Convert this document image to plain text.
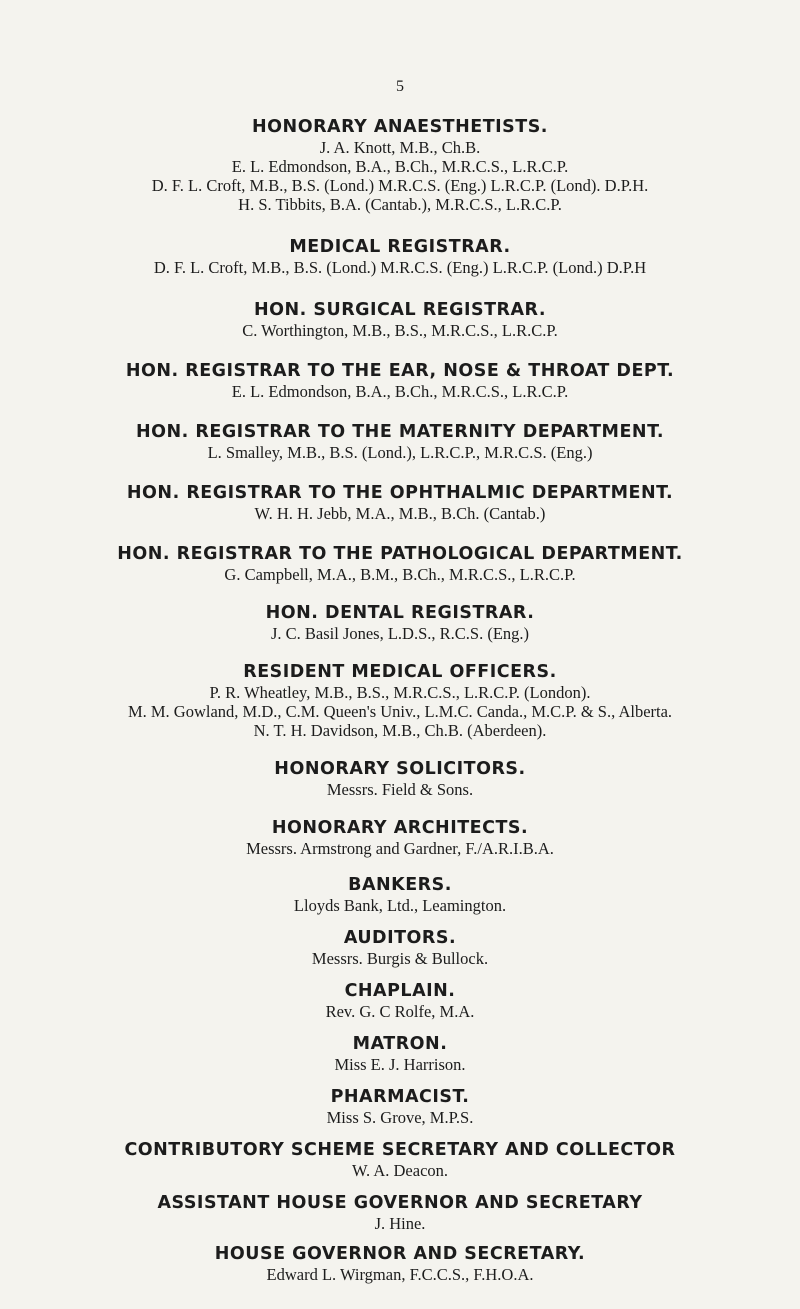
5
HONORARY ANAESTHETISTS.
J. A. Knott, M.B., Ch.B.
E. L. Edmondson, B.A., B.Ch., M.R.C.S., L.R.C.P.
D. F. L. Croft, M.B., B.S. (Lond.) M.R.C.S. (Eng.) L.R.C.P. (Lond). D.P.H.
H. S. Tibbits, B.A. (Cantab.), M.R.C.S., L.R.C.P.
MEDICAL REGISTRAR.
D. F. L. Croft, M.B., B.S. (Lond.) M.R.C.S. (Eng.) L.R.C.P. (Lond.) D.P.H
HON. SURGICAL REGISTRAR.
C. Worthington, M.B., B.S., M.R.C.S., L.R.C.P.
HON. REGISTRAR TO THE EAR, NOSE & THROAT DEPT.
E. L. Edmondson, B.A., B.Ch., M.R.C.S., L.R.C.P.
HON. REGISTRAR TO THE MATERNITY DEPARTMENT.
L. Smalley, M.B., B.S. (Lond.), L.R.C.P., M.R.C.S. (Eng.)
HON. REGISTRAR TO THE OPHTHALMIC DEPARTMENT.
W. H. H. Jebb, M.A., M.B., B.Ch. (Cantab.)
HON. REGISTRAR TO THE PATHOLOGICAL DEPARTMENT.
G. Campbell, M.A., B.M., B.Ch., M.R.C.S., L.R.C.P.
HON. DENTAL REGISTRAR.
J. C. Basil Jones, L.D.S., R.C.S. (Eng.)
RESIDENT MEDICAL OFFICERS.
P. R. Wheatley, M.B., B.S., M.R.C.S., L.R.C.P. (London).
M. M. Gowland, M.D., C.M. Queen's Univ., L.M.C. Canda., M.C.P. & S., Alberta.
N. T. H. Davidson, M.B., Ch.B. (Aberdeen).
HONORARY SOLICITORS.
Messrs. Field & Sons.
HONORARY ARCHITECTS.
Messrs. Armstrong and Gardner, F./A.R.I.B.A.
BANKERS.
Lloyds Bank, Ltd., Leamington.
AUDITORS.
Messrs. Burgis & Bullock.
CHAPLAIN.
Rev. G. C Rolfe, M.A.
MATRON.
Miss E. J. Harrison.
PHARMACIST.
Miss S. Grove, M.P.S.
CONTRIBUTORY SCHEME SECRETARY AND COLLECTOR
W. A. Deacon.
ASSISTANT HOUSE GOVERNOR AND SECRETARY
J. Hine.
HOUSE GOVERNOR AND SECRETARY.
Edward L. Wirgman, F.C.C.S., F.H.O.A.
